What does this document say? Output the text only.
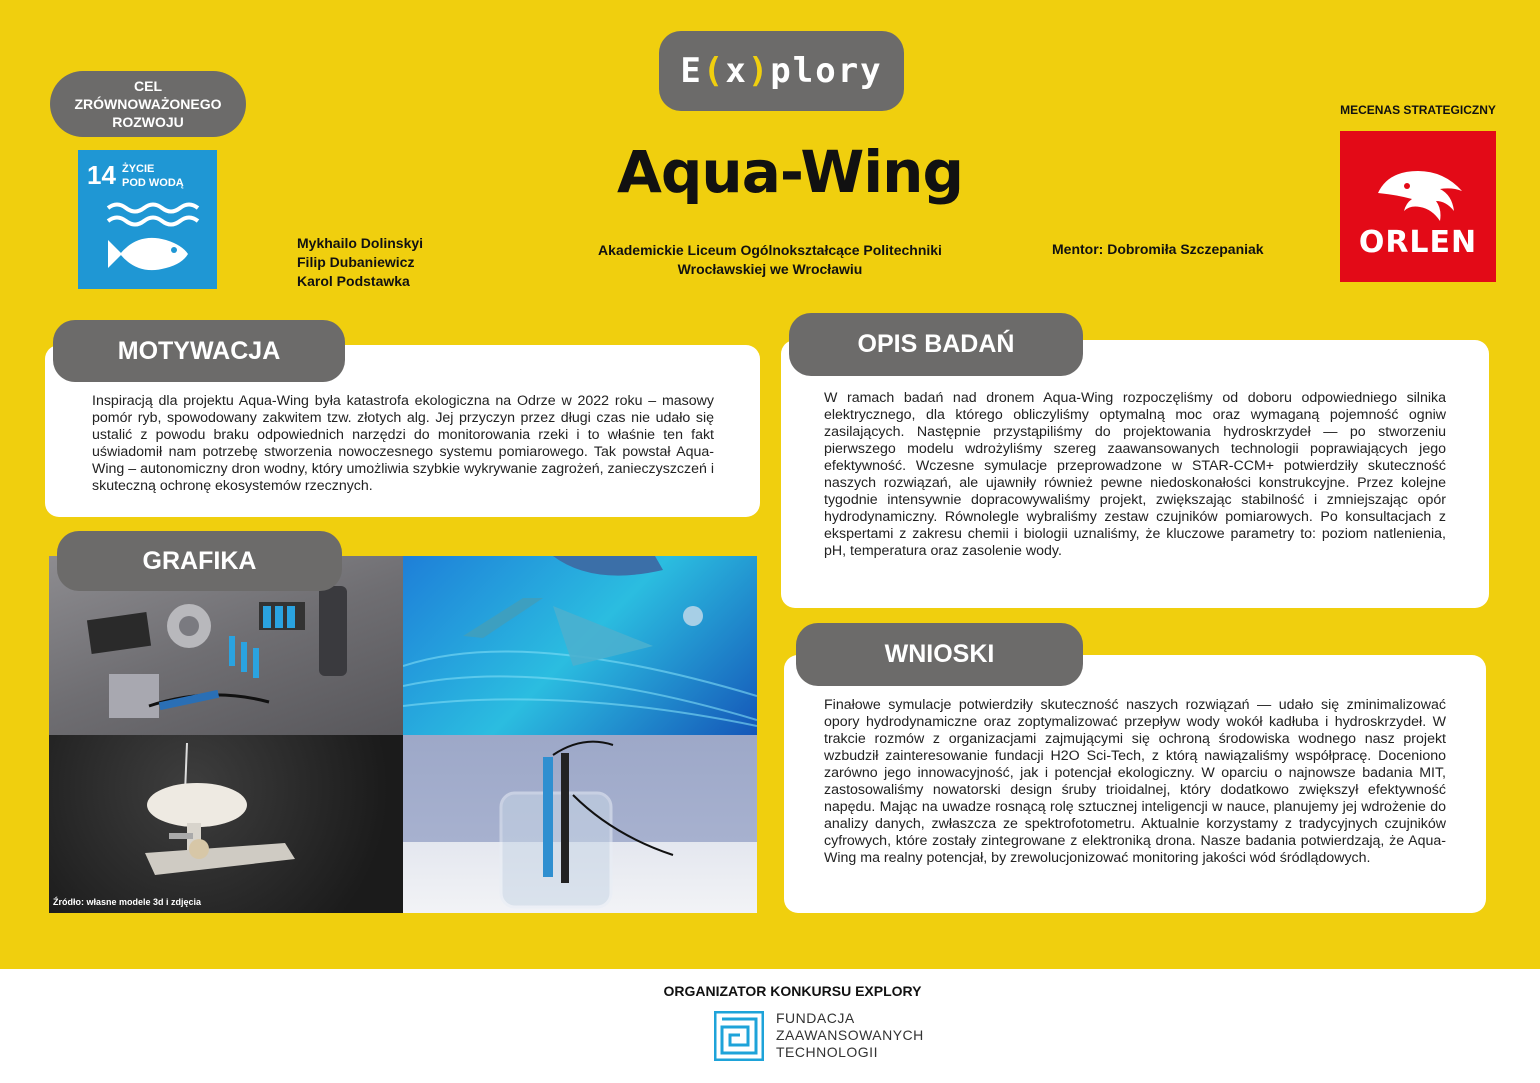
E ( x ) plory
CEL
ZRÓWNOWAŻONEGO
ROZWOJU
14 ŻYCIE
POD WODĄ	Aqua-Wing
Mykhailo Dolinskyi
Filip Dubaniewicz
Karol Podstawka
Akademickie Liceum Ogólnokształcące Politechniki
Wrocławskiej we Wrocławiu
Mentor: Dobromiła Szczepaniak
MECENAS STRATEGICZNY
ORLEN
Inspiracją dla projektu Aqua-Wing była katastrofa ekologiczna na Odrze w 2022 roku – masowy pomór ryb, spowodowany zakwitem tzw. złotych alg. Jej przyczyn przez długi czas nie udało się ustalić z powodu braku odpowiednich narzędzi do monitorowania rzeki i to właśnie ten fakt uświadomił nam potrzebę stworzenia nowoczesnego systemu pomiarowego. Tak powstał Aqua-Wing – autonomiczny dron wodny, który umożliwia szybkie wykrywanie zagrożeń, zanieczyszczeń i skuteczną ochronę ekosystemów rzecznych.
MOTYWACJA
W ramach badań nad dronem Aqua-Wing rozpoczęliśmy od doboru odpowiedniego silnika elektrycznego, dla którego obliczyliśmy optymalną moc oraz wymaganą pojemność ogniw zasilających. Następnie przystąpiliśmy do projektowania hydroskrzydeł — po stworzeniu pierwszego modelu wdrożyliśmy szereg zaawansowanych technologii poprawiających jego efektywność. Wczesne symulacje przeprowadzone w STAR-CCM+ potwierdziły skuteczność naszych rozwiązań, ale ujawniły również pewne niedoskonałości konstrukcyjne. Przez kolejne tygodnie intensywnie dopracowywaliśmy projekt, zwiększając stabilność i zmniejszając opór hydrodynamiczny. Równolegle wybraliśmy zestaw czujników pomiarowych. Po konsultacjach z ekspertami z zakresu chemii i biologii uznaliśmy, że kluczowe parametry to: poziom natlenienia, pH, temperatura oraz zasolenie wody.
OPIS BADAŃ
Finałowe symulacje potwierdziły skuteczność naszych rozwiązań — udało się zminimalizować opory hydrodynamiczne oraz zoptymalizować przepływ wody wokół kadłuba i hydroskrzydeł. W trakcie rozmów z organizacjami zajmującymi się ochroną środowiska wodnego nasz projekt wzbudził zainteresowanie fundacji H2O Sci-Tech, z którą nawiązaliśmy współpracę. Doceniono zarówno jego innowacyjność, jak i potencjał ekologiczny. W oparciu o najnowsze badania MIT, zastosowaliśmy nowatorski design śruby trioidalnej, który dodatkowo zwiększył efektywność napędu. Mając na uwadze rosnącą rolę sztucznej inteligencji w nauce, planujemy jej wdrożenie do analizy danych, zwłaszcza ze spektrofotometru. Aktualnie korzystamy z tradycyjnych czujników cyfrowych, które zostały zintegrowane z elektroniką drona. Nasze badania potwierdzają, że Aqua-Wing ma realny potencjał, by zrewolucjonizować monitoring jakości wód śródlądowych.
WNIOSKI
Źródło: własne modele 3d i zdjęcia
GRAFIKA
ORGANIZATOR KONKURSU EXPLORY
FUNDACJA
ZAAWANSOWANYCH
TECHNOLOGII
